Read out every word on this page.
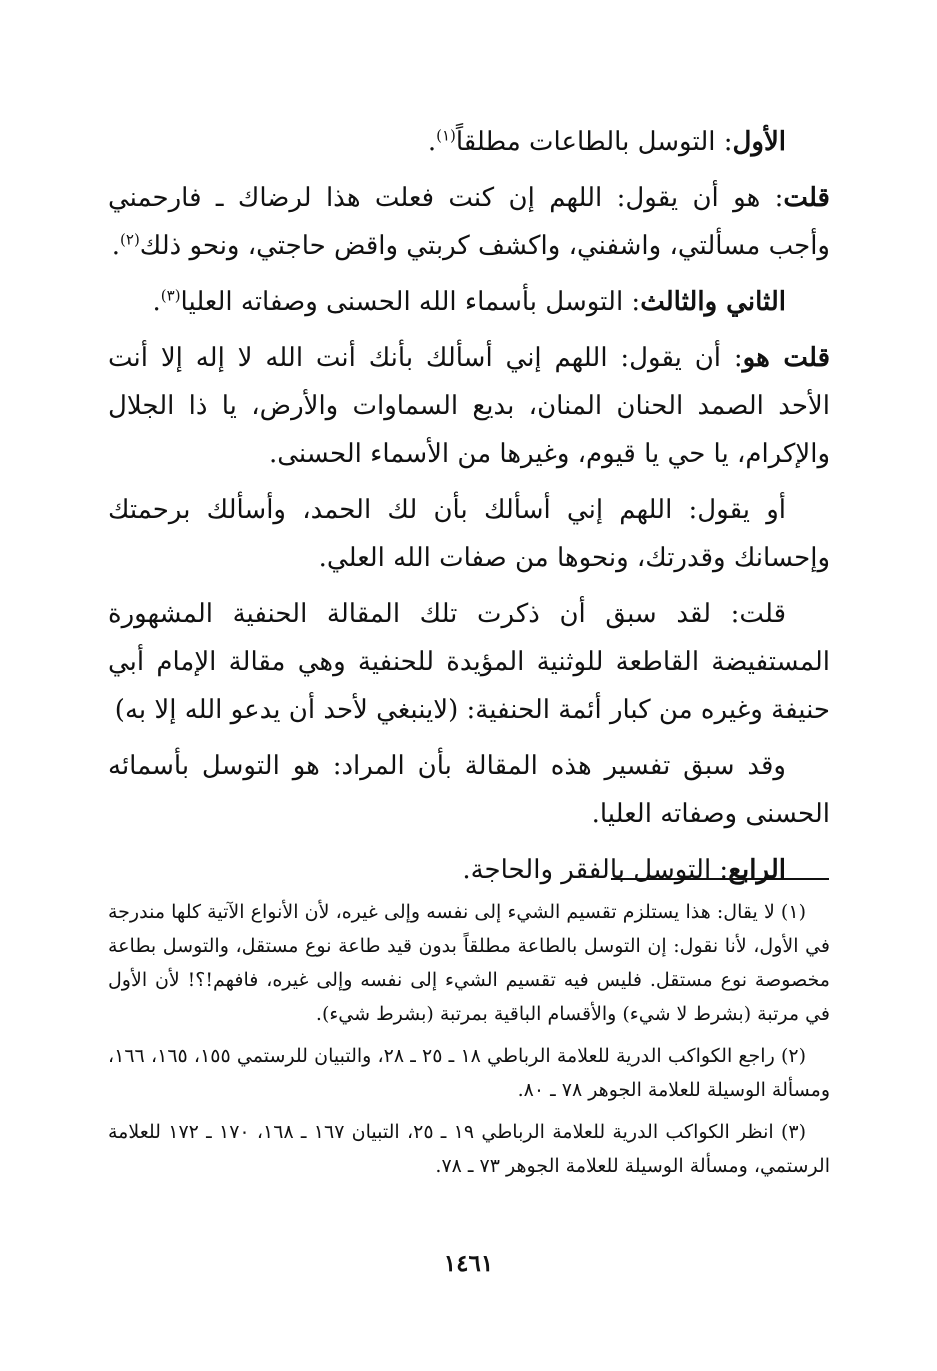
الأول: التوسل بالطاعات مطلقاً$^{(١)}$.

قلت: هو أن يقول: اللهم إن كنت فعلت هذا لرضاك ـ فارحمني وأجب مسألتي، واشفني، واكشف كربتي واقض حاجتي، ونحو ذلك$^{(٢)}$.

الثاني والثالث: التوسل بأسماء الله الحسنى وصفاته العليا$^{(٣)}$.

قلت هو: أن يقول: اللهم إني أسألك بأنك أنت الله لا إله إلا أنت الأحد الصمد الحنان المنان، بديع السماوات والأرض، يا ذا الجلال والإكرام، يا حي يا قيوم، وغيرها من الأسماء الحسنى.

أو يقول: اللهم إني أسألك بأن لك الحمد، وأسألك برحمتك وإحسانك وقدرتك، ونحوها من صفات الله العلي.

قلت: لقد سبق أن ذكرت تلك المقالة الحنفية المشهورة المستفيضة القاطعة للوثنية المؤيدة للحنفية وهي مقالة الإمام أبي حنيفة وغيره من كبار أئمة الحنفية: (لاينبغي لأحد أن يدعو الله إلا به)

وقد سبق تفسير هذه المقالة بأن المراد: هو التوسل بأسمائه الحسنى وصفاته العليا.

الرابع: التوسل بالفقر والحاجة.

(١) لا يقال: هذا يستلزم تقسيم الشيء إلى نفسه وإلى غيره، لأن الأنواع الآتية كلها مندرجة في الأول، لأنا نقول: إن التوسل بالطاعة مطلقاً بدون قيد طاعة نوع مستقل، والتوسل بطاعة مخصوصة نوع مستقل. فليس فيه تقسيم الشيء إلى نفسه وإلى غيره، فافهم!؟! لأن الأول في مرتبة (بشرط لا شيء) والأقسام الباقية بمرتبة (بشرط شيء).

(٢) راجع الكواكب الدرية للعلامة الرباطي ١٨ ـ ٢٥ ـ ٢٨، والتبيان للرستمي ١٥٥، ١٦٥، ١٦٦، ومسألة الوسيلة للعلامة الجوهر ٧٨ ـ ٨٠.

(٣) انظر الكواكب الدرية للعلامة الرباطي ١٩ ـ ٢٥، التبيان ١٦٧ ـ ١٦٨، ١٧٠ ـ ١٧٢ للعلامة الرستمي، ومسألة الوسيلة للعلامة الجوهر ٧٣ ـ ٧٨.

١٤٦١
